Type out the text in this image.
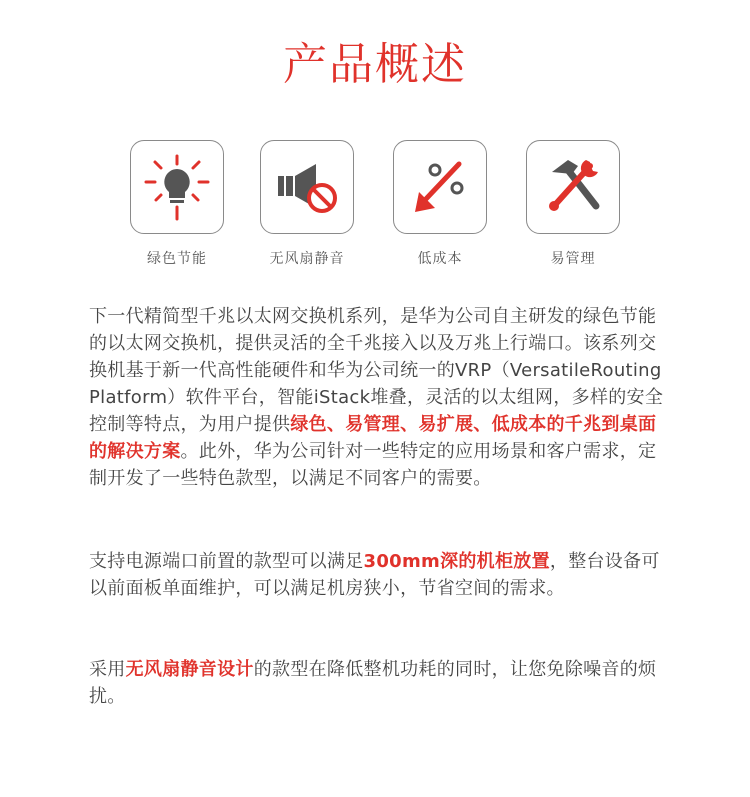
产品概述
绿色节能	无风扇静音	低成本	易管理
下一代精简型千兆以太网交换机系列，是华为公司自主研发的绿色节能的以太网交换机，提供灵活的全千兆接入以及万兆上行端口。该系列交换机基于新一代高性能硬件和华为公司统一的VRP（VersatileRouting Platform）软件平台，智能iStack堆叠，灵活的以太组网，多样的安全控制等特点，为用户提供绿色、易管理、易扩展、低成本的千兆到桌面的解决方案。此外，华为公司针对一些特定的应用场景和客户需求，定制开发了一些特色款型，以满足不同客户的需要。
支持电源端口前置的款型可以满足300mm深的机柜放置，整台设备可以前面板单面维护，可以满足机房狭小，节省空间的需求。
采用无风扇静音设计的款型在降低整机功耗的同时，让您免除噪音的烦扰。
